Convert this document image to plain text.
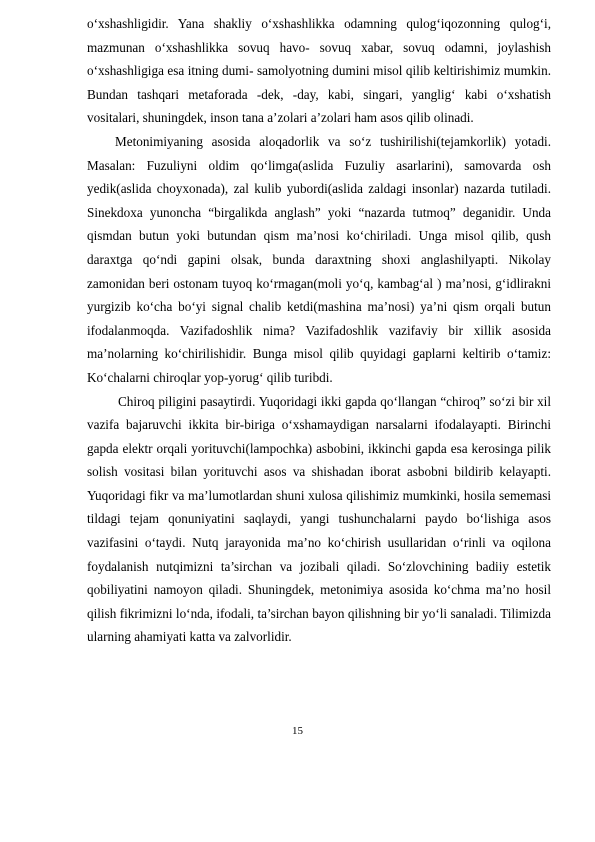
o‘xshashligidir. Yana shakliy o‘xshashlikka odamning qulog‘iqozonning qulog‘i, mazmunan o‘xshashlikka sovuq havo- sovuq xabar, sovuq odamni, joylashish o‘xshashligiga esa itning dumi- samolyotning dumini misol qilib keltirishimiz mumkin. Bundan tashqari metaforada -dek, -day, kabi, singari, yanglig‘ kabi o‘xshatish vositalari, shuningdek, inson tana a’zolari a’zolari ham asos qilib olinadi.

Metonimiyaning asosida aloqadorlik va so‘z tushirilishi(tejamkorlik) yotadi. Masalan: Fuzuliyni oldim qo‘limga(aslida Fuzuliy asarlarini), samovarda osh yedik(aslida choyxonada), zal kulib yubordi(aslida zaldagi insonlar) nazarda tutiladi. Sinekdoxa yunoncha “birgalikda anglash” yoki “nazarda tutmoq” deganidir. Unda qismdan butun yoki butundan qism ma’nosi ko‘chiriladi. Unga misol qilib, qush daraxtga qo‘ndi gapini olsak, bunda daraxtning shoxi anglashilyapti. Nikolay zamonidan beri ostonam tuyoq ko‘rmagan(moli yo‘q, kambag‘al ) ma’nosi, g‘idlirakni yurgizib ko‘cha bo‘yi signal chalib ketdi(mashina ma’nosi) ya’ni qism orqali butun ifodalanmoqda. Vazifadoshlik nima? Vazifadoshlik vazifaviy bir xillik asosida ma’nolarning ko‘chirilishidir. Bunga misol qilib quyidagi gaplarni keltirib o‘tamiz: Ko‘chalarni chiroqlar yop-yorug‘ qilib turibdi.

Chiroq piligini pasaytirdi. Yuqoridagi ikki gapda qo‘llangan “chiroq” so‘zi bir xil vazifa bajaruvchi ikkita bir-biriga o‘xshamaydigan narsalarni ifodalayapti. Birinchi gapda elektr orqali yorituvchi(lampochka) asbobini, ikkinchi gapda esa kerosinga pilik solish vositasi bilan yorituvchi asos va shishadan iborat asbobni bildirib kelayapti. Yuqoridagi fikr va ma’lumotlardan shuni xulosa qilishimiz mumkinki, hosila sememasi tildagi tejam qonuniyatini saqlaydi, yangi tushunchalarni paydo bo‘lishiga asos vazifasini o‘taydi. Nutq jarayonida ma’no ko‘chirish usullaridan o‘rinli va oqilona foydalanish nutqimizni ta’sirchan va jozibali qiladi. So‘zlovchining badiiy estetik qobiliyatini namoyon qiladi. Shuningdek, metonimiya asosida ko‘chma ma’no hosil qilish fikrimizni lo‘nda, ifodali, ta’sirchan bayon qilishning bir yo‘li sanaladi. Tilimizda ularning ahamiyati katta va zalvorlidir.

15
